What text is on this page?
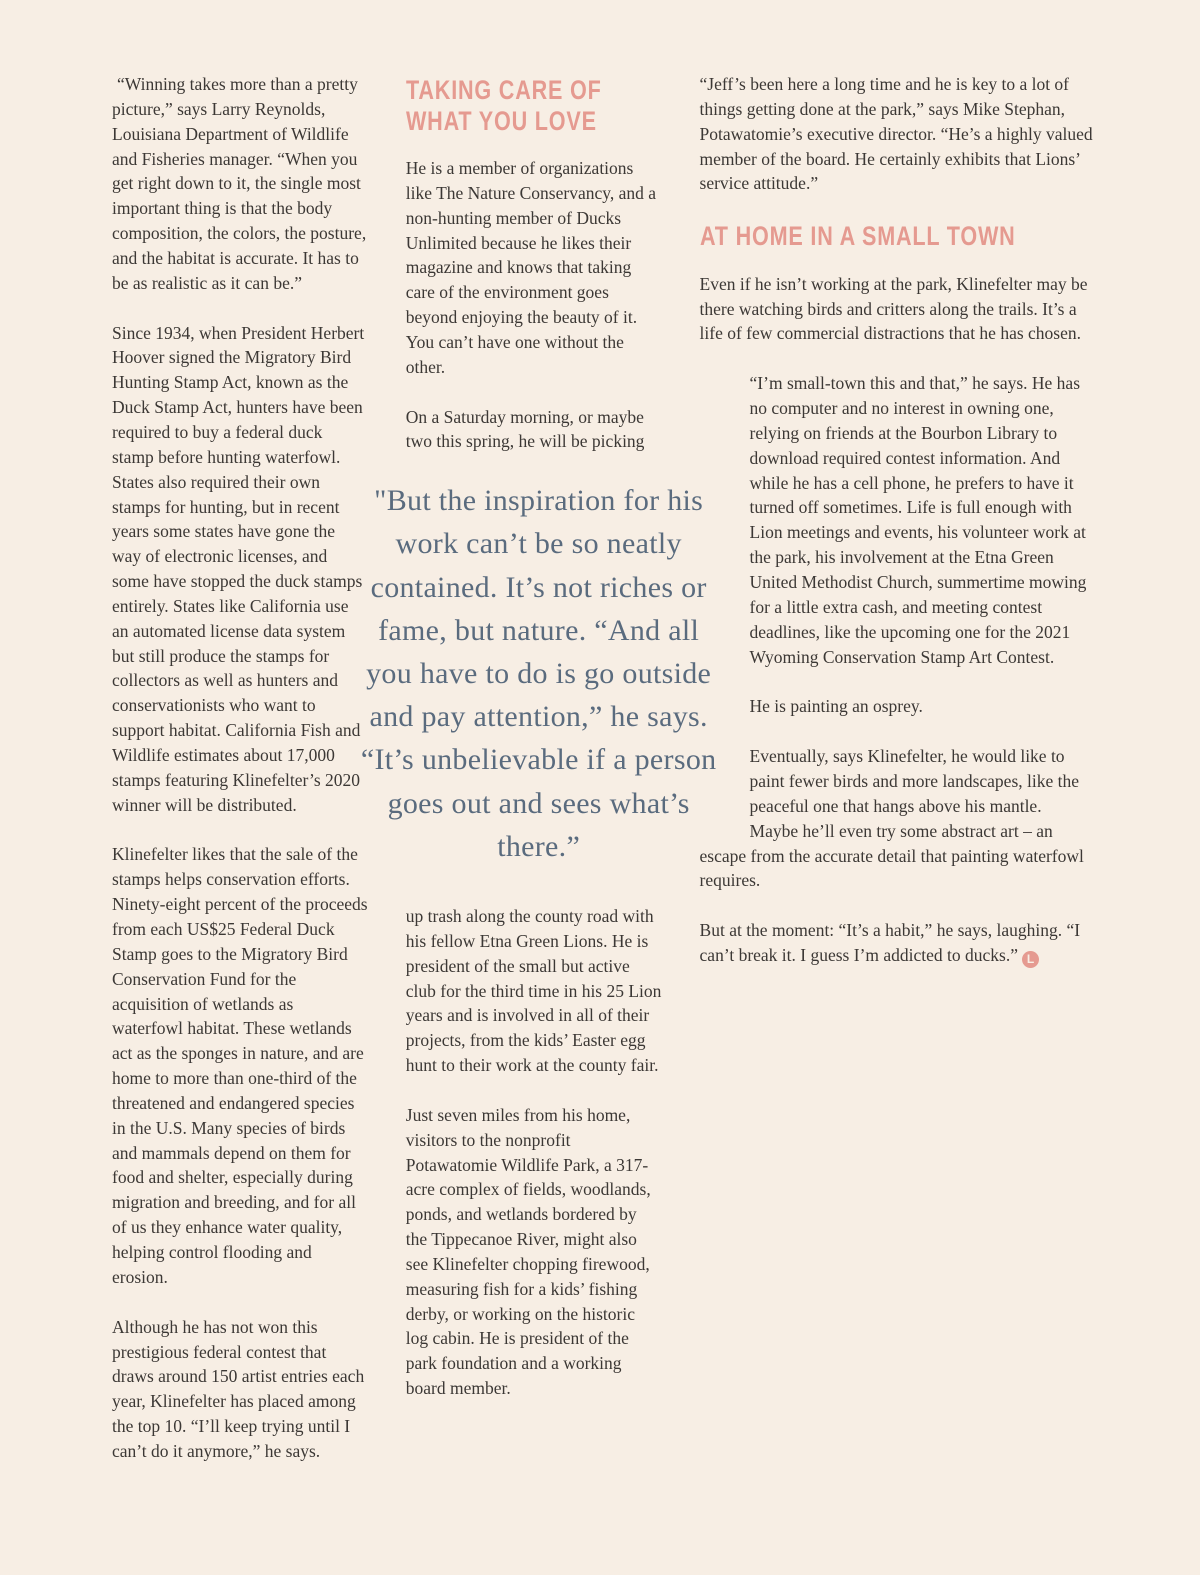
“Winning takes more than a pretty picture,” says Larry Reynolds, Louisiana Department of Wildlife and Fisheries manager. “When you get right down to it, the single most important thing is that the body composition, the colors, the posture, and the habitat is accurate. It has to be as realistic as it can be.”

Since 1934, when President Herbert Hoover signed the Migratory Bird Hunting Stamp Act, known as the Duck Stamp Act, hunters have been required to buy a federal duck stamp before hunting waterfowl. States also required their own stamps for hunting, but in recent years some states have gone the way of electronic licenses, and some have stopped the duck stamps entirely. States like California use an automated license data system but still produce the stamps for collectors as well as hunters and conservationists who want to support habitat. California Fish and Wildlife estimates about 17,000 stamps featuring Klinefelter’s 2020 winner will be distributed.

Klinefelter likes that the sale of the stamps helps conservation efforts. Ninety-eight percent of the proceeds from each US$25 Federal Duck Stamp goes to the Migratory Bird Conservation Fund for the acquisition of wetlands as waterfowl habitat. These wetlands act as the sponges in nature, and are home to more than one-third of the threatened and endangered species in the U.S. Many species of birds and mammals depend on them for food and shelter, especially during migration and breeding, and for all of us they enhance water quality, helping control flooding and erosion.

Although he has not won this prestigious federal contest that draws around 150 artist entries each year, Klinefelter has placed among the top 10. “I’ll keep trying until I can’t do it anymore,” he says.

TAKING CARE OF
WHAT YOU LOVE

He is a member of organizations like The Nature Conservancy, and a non-hunting member of Ducks Unlimited because he likes their magazine and knows that taking care of the environment goes beyond enjoying the beauty of it. You can’t have one without the other.

On a Saturday morning, or maybe two this spring, he will be picking

"But the inspiration for his work can’t be so neatly contained. It’s not riches or fame, but nature. “And all you have to do is go outside and pay attention,” he says. “It’s unbelievable if a person goes out and sees what’s there.”

up trash along the county road with his fellow Etna Green Lions. He is president of the small but active club for the third time in his 25 Lion years and is involved in all of their projects, from the kids’ Easter egg hunt to their work at the county fair.

Just seven miles from his home, visitors to the nonprofit Potawatomie Wildlife Park, a 317-acre complex of fields, woodlands, ponds, and wetlands bordered by the Tippecanoe River, might also see Klinefelter chopping firewood, measuring fish for a kids’ fishing derby, or working on the historic log cabin. He is president of the park foundation and a working board member.

“Jeff’s been here a long time and he is key to a lot of things getting done at the park,” says Mike Stephan, Potawatomie’s executive director. “He’s a highly valued member of the board. He certainly exhibits that Lions’ service attitude.”

AT HOME IN A SMALL TOWN

Even if he isn’t working at the park, Klinefelter may be there watching birds and critters along the trails. It’s a life of few commercial distractions that he has chosen.

“I’m small-town this and that,” he says. He has no computer and no interest in owning one, relying on friends at the Bourbon Library to download required contest information. And while he has a cell phone, he prefers to have it turned off sometimes. Life is full enough with Lion meetings and events, his volunteer work at the park, his involvement at the Etna Green United Methodist Church, summertime mowing for a little extra cash, and meeting contest deadlines, like the upcoming one for the 2021 Wyoming Conservation Stamp Art Contest.

He is painting an osprey.

Eventually, says Klinefelter, he would like to paint fewer birds and more landscapes, like the peaceful one that hangs above his mantle. Maybe he’ll even try some abstract art – an escape from the accurate detail that painting waterfowl requires.

But at the moment: “It’s a habit,” he says, laughing. “I can’t break it. I guess I’m addicted to ducks.” L
